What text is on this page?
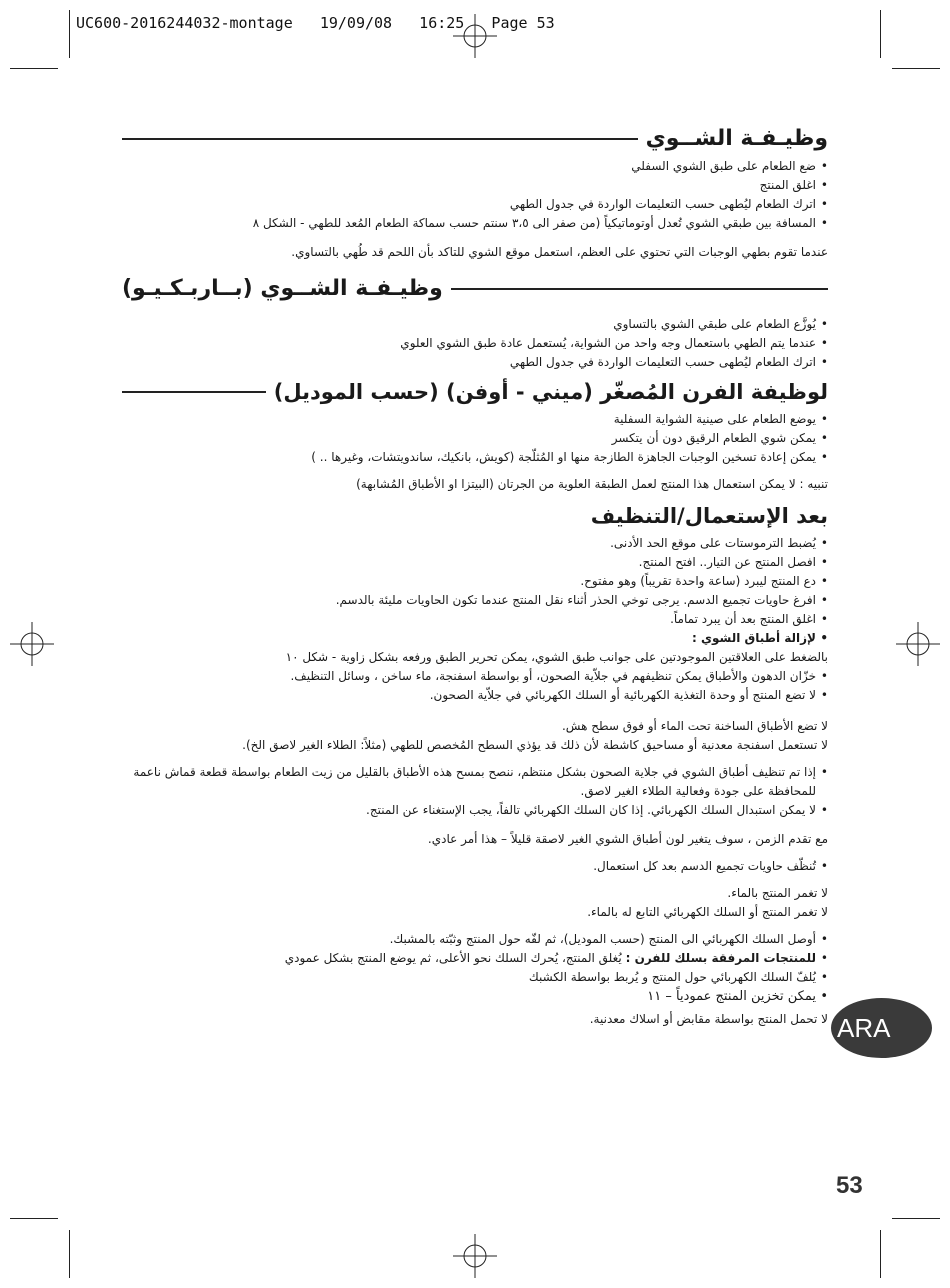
UC600-2016244032-montage   19/09/08   16:25   Page 53
وظيـفـة الشــوي
• ضع الطعام على طبق الشوي السفلي
• اغلق المنتج
• اترك الطعام ليُطهى حسب التعليمات الواردة في جدول الطهي
• المسافة بين طبقي الشوي تُعدل أوتوماتيكياً (من صفر الى ٣،٥ سنتم حسب سماكة الطعام المُعد للطهي - الشكل ٨

عندما تقوم بطهي الوجبات التي تحتوي على العظم، استعمل موقع الشوي للتاكد بأن اللحم قد طُهي بالتساوي.

وظيـفـة الشــوي (بــاربـكـيـو)
• يُوزَّع الطعام على طبقي الشوي بالتساوي
• عندما يتم الطهي باستعمال وجه واحد من الشواية، يُستعمل عادة طبق الشوي العلوي
• اترك الطعام ليُطهى حسب التعليمات الواردة في جدول الطهي
لوظيفة الفرن المُصغّر (ميني - أوفن) (حسب الموديل)
• يوضع الطعام على صينية الشواية السفلية
• يمكن شوي الطعام الرقيق دون أن يتكسر
• يمكن إعادة تسخين الوجبات الجاهزة الطازجة منها او المُثلّجة (كويش، بانكيك، ساندويتشات، وغيرها .. )

تنبيه : لا يمكن استعمال هذا المنتج لعمل الطبقة العلوية من الجرتان (البيتزا او الأطباق المُشابهة)

بعد الإستعمال/التنظيف
• يُضبط الترموستات على موقع الحد الأدنى.
• افصل المنتج عن التيار.. افتح المنتج.
• دع المنتج ليبرد (ساعة واحدة تقريباً) وهو مفتوح.
• افرغ حاويات تجميع الدسم. يرجى توخي الحذر أثناء نقل المنتج عندما تكون الحاويات مليئة بالدسم.
• اغلق المنتج بعد أن يبرد تماماً.
• لإزالة أطباق الشوي :

بالضغط على العلاقتين الموجودتين على جوانب طبق الشوي، يمكن تحرير الطبق ورفعه بشكل زاوية - شكل ١٠

• خزّان الدهون والأطباق يمكن تنظيفهم في جلاّية الصحون، أو بواسطة اسفنجة، ماء ساخن ، وسائل التنظيف.
• لا تضع المنتج أو وحدة التغذية الكهربائية أو السلك الكهربائي في جلاّية الصحون.

لا تضع الأطباق الساخنة تحت الماء أو فوق سطح هش.

لا تستعمل اسفنجة معدنية أو مساحيق كاشطة لأن ذلك قد يؤذي السطح المُخصص للطهي (مثلاً: الطلاء الغير لاصق الخ).

• إذا تم تنظيف أطباق الشوي في جلاية الصحون بشكل منتظم، ننصح بمسح هذه الأطباق بالقليل من زيت الطعام بواسطة قطعة قماش ناعمة للمحافظة على جودة وفعالية الطلاء الغير لاصق.
• لا يمكن استبدال السلك الكهربائي. إذا كان السلك الكهربائي تالفاً، يجب الإستغناء عن المنتج.

مع تقدم الزمن ، سوف يتغير لون أطباق الشوي الغير لاصقة قليلاً – هذا أمر عادي.

• تُنظّف حاويات تجميع الدسم بعد كل استعمال.

لا تغمر المنتج بالماء.

لا تغمر المنتج أو السلك الكهربائي التابع له بالماء.

• أوصل السلك الكهربائي الى المنتج (حسب الموديل)، ثم لفّه حول المنتج وثبّته بالمشبك.
• للمنتجات المرفقة بسلك للفرن : يُغلق المنتج، يُحرك السلك نحو الأعلى، ثم يوضع المنتج بشكل عمودي
• يُلفّ السلك الكهربائي حول المنتج و يُربط بواسطة الكشبك
• يمكن تخزين المنتج عمودياً – ١١

لا تحمل المنتج بواسطة مقابض أو اسلاك معدنية. ARA
53
